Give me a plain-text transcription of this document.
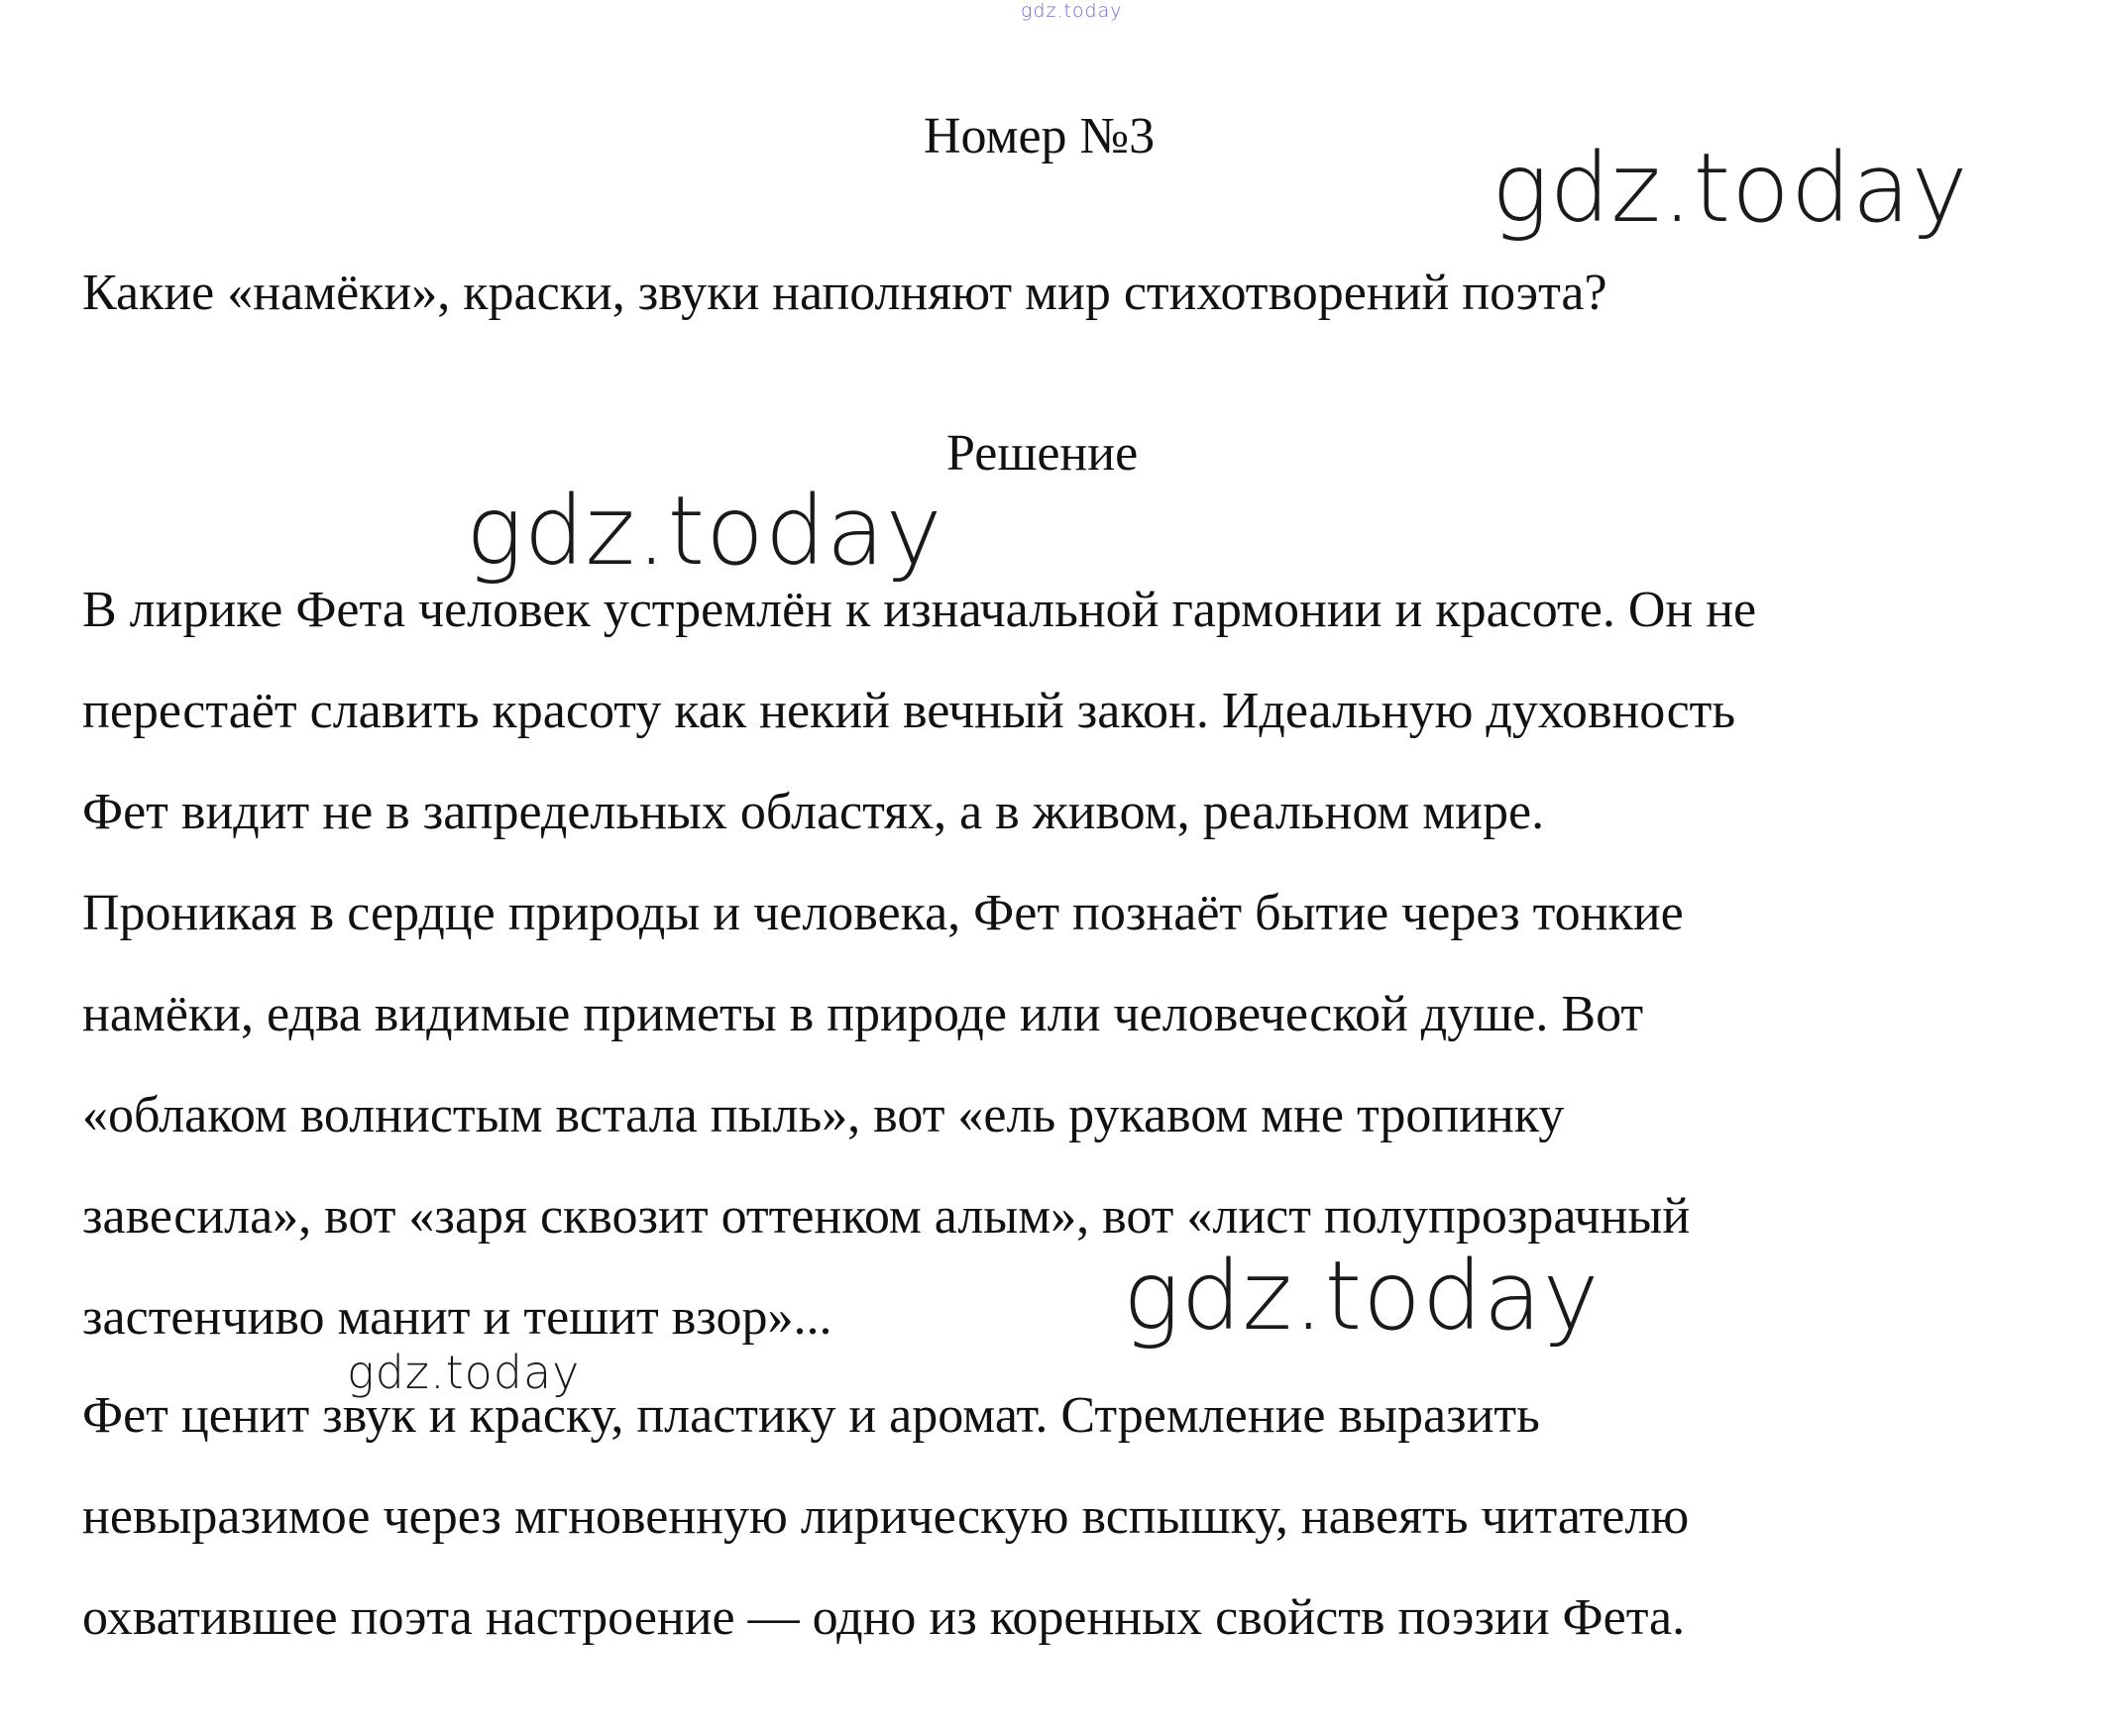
gdz.today
Номер №3	gdz.today
Какие «намёки», краски, звуки наполняют мир стихотворений поэта?
Решение
gdz.today
В лирике Фета человек устремлён к изначальной гармонии и красоте. Он не
перестаёт славить красоту как некий вечный закон. Идеальную духовность
Фет видит не в запредельных областях, а в живом, реальном мире.
Проникая в сердце природы и человека, Фет познаёт бытие через тонкие
намёки, едва видимые приметы в природе или человеческой душе. Вот
«облаком волнистым встала пыль», вот «ель рукавом мне тропинку
завесила», вот «заря сквозит оттенком алым», вот «лист полупрозрачный
застенчиво манит и тешит взор»...	gdz.today
Фет ценит звук и краску, пластику и аромат. Стремление выразить
невыразимое через мгновенную лирическую вспышку, навеять читателю
охватившее поэта настроение — одно из коренных свойств поэзии Фета.
gdz.today
